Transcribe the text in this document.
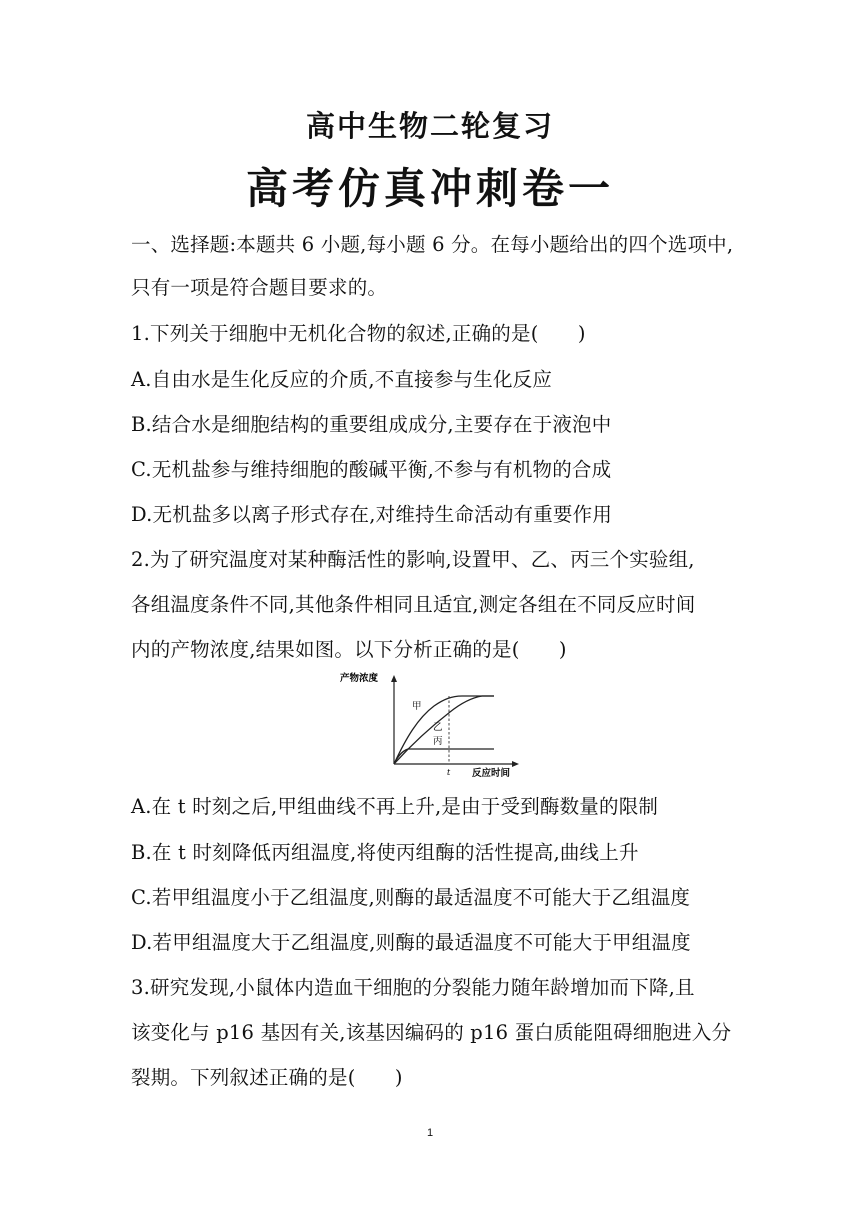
高中生物二轮复习
高考仿真冲刺卷一
一、选择题:本题共 6 小题,每小题 6 分。在每小题给出的四个选项中,
只有一项是符合题目要求的。
1.下列关于细胞中无机化合物的叙述,正确的是(　　)
A.自由水是生化反应的介质,不直接参与生化反应
B.结合水是细胞结构的重要组成成分,主要存在于液泡中
C.无机盐参与维持细胞的酸碱平衡,不参与有机物的合成
D.无机盐多以离子形式存在,对维持生命活动有重要作用
2.为了研究温度对某种酶活性的影响,设置甲、乙、丙三个实验组,
各组温度条件不同,其他条件相同且适宜,测定各组在不同反应时间
内的产物浓度,结果如图。以下分析正确的是(　　)
产物浓度
反应时间
t
甲
乙
丙
A.在 t 时刻之后,甲组曲线不再上升,是由于受到酶数量的限制
B.在 t 时刻降低丙组温度,将使丙组酶的活性提高,曲线上升
C.若甲组温度小于乙组温度,则酶的最适温度不可能大于乙组温度
D.若甲组温度大于乙组温度,则酶的最适温度不可能大于甲组温度
3.研究发现,小鼠体内造血干细胞的分裂能力随年龄增加而下降,且
该变化与 p16 基因有关,该基因编码的 p16 蛋白质能阻碍细胞进入分
裂期。下列叙述正确的是(　　)
1
